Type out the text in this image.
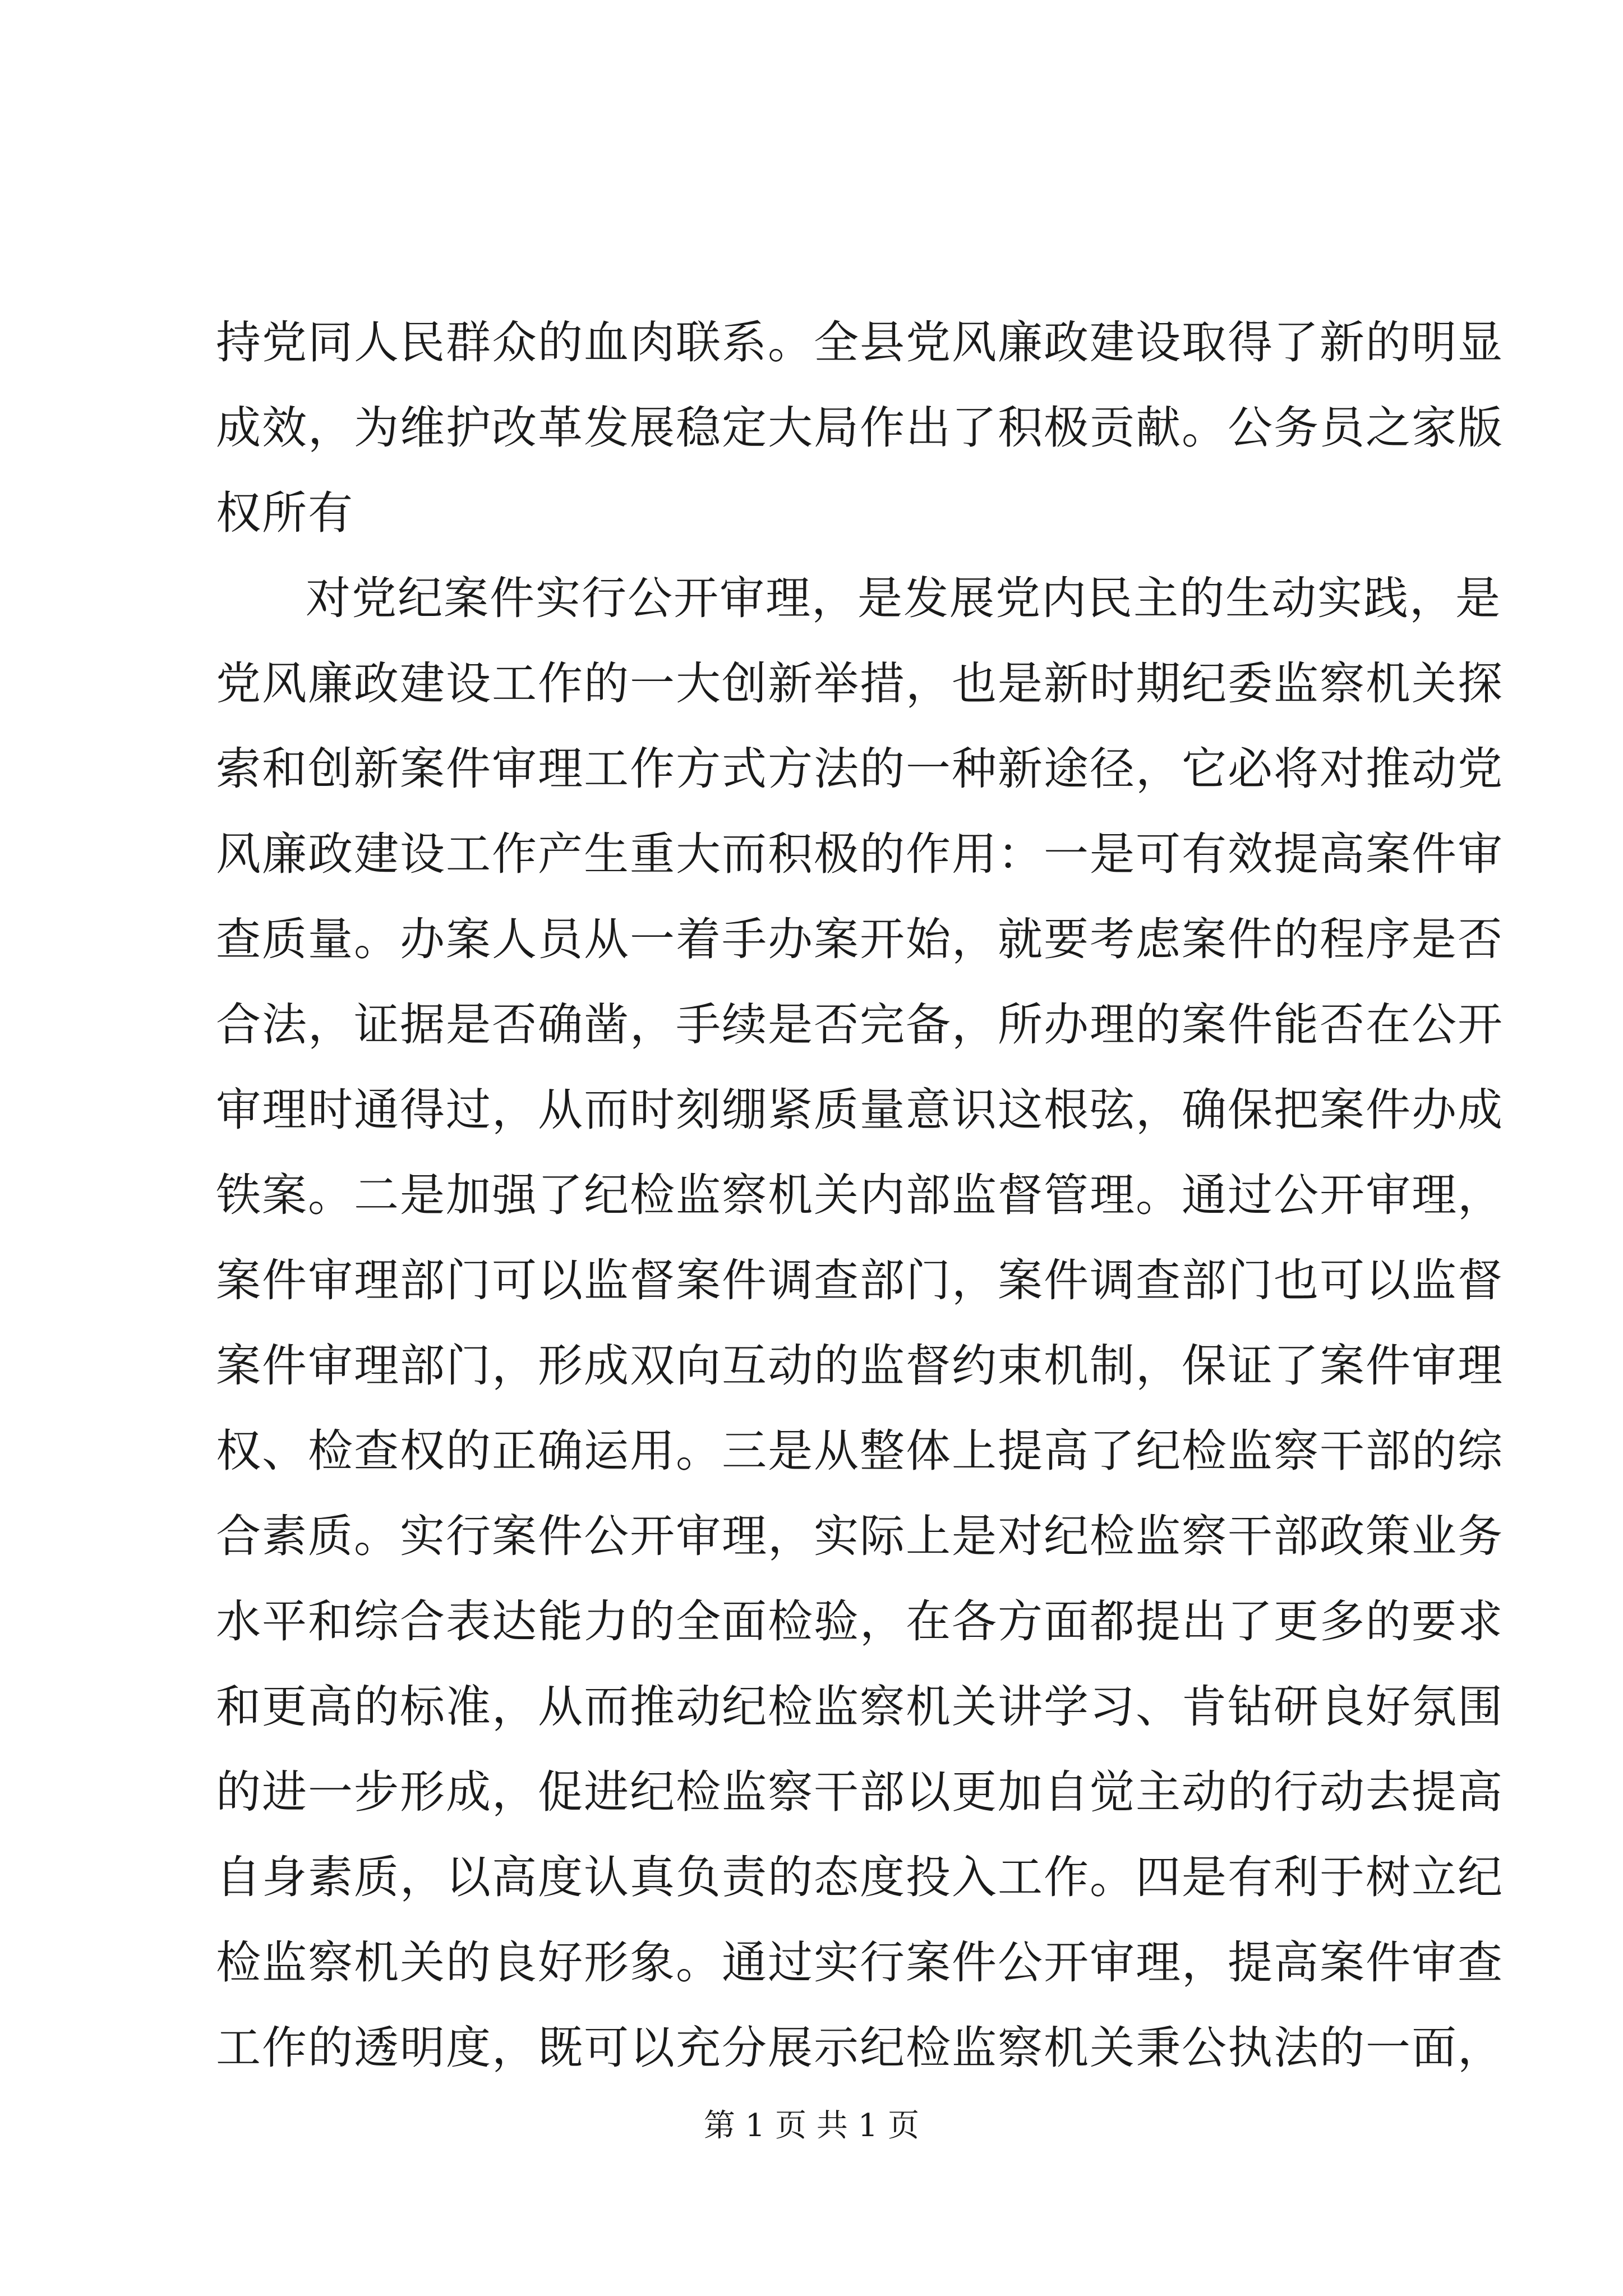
持党同人民群众的血肉联系。全县党风廉政建设取得了新的明显
成效，为维护改革发展稳定大局作出了积极贡献。公务员之家版
权所有
对党纪案件实行公开审理，是发展党内民主的生动实践，是
党风廉政建设工作的一大创新举措，也是新时期纪委监察机关探
索和创新案件审理工作方式方法的一种新途径，它必将对推动党
风廉政建设工作产生重大而积极的作用：一是可有效提高案件审
查质量。办案人员从一着手办案开始，就要考虑案件的程序是否
合法，证据是否确凿，手续是否完备，所办理的案件能否在公开
审理时通得过，从而时刻绷紧质量意识这根弦，确保把案件办成
铁案。二是加强了纪检监察机关内部监督管理。通过公开审理，
案件审理部门可以监督案件调查部门，案件调查部门也可以监督
案件审理部门，形成双向互动的监督约束机制，保证了案件审理
权、检查权的正确运用。三是从整体上提高了纪检监察干部的综
合素质。实行案件公开审理，实际上是对纪检监察干部政策业务
水平和综合表达能力的全面检验，在各方面都提出了更多的要求
和更高的标准，从而推动纪检监察机关讲学习、肯钻研良好氛围
的进一步形成，促进纪检监察干部以更加自觉主动的行动去提高
自身素质，以高度认真负责的态度投入工作。四是有利于树立纪
检监察机关的良好形象。通过实行案件公开审理，提高案件审查
工作的透明度，既可以充分展示纪检监察机关秉公执法的一面，
第 1 页 共 1 页
